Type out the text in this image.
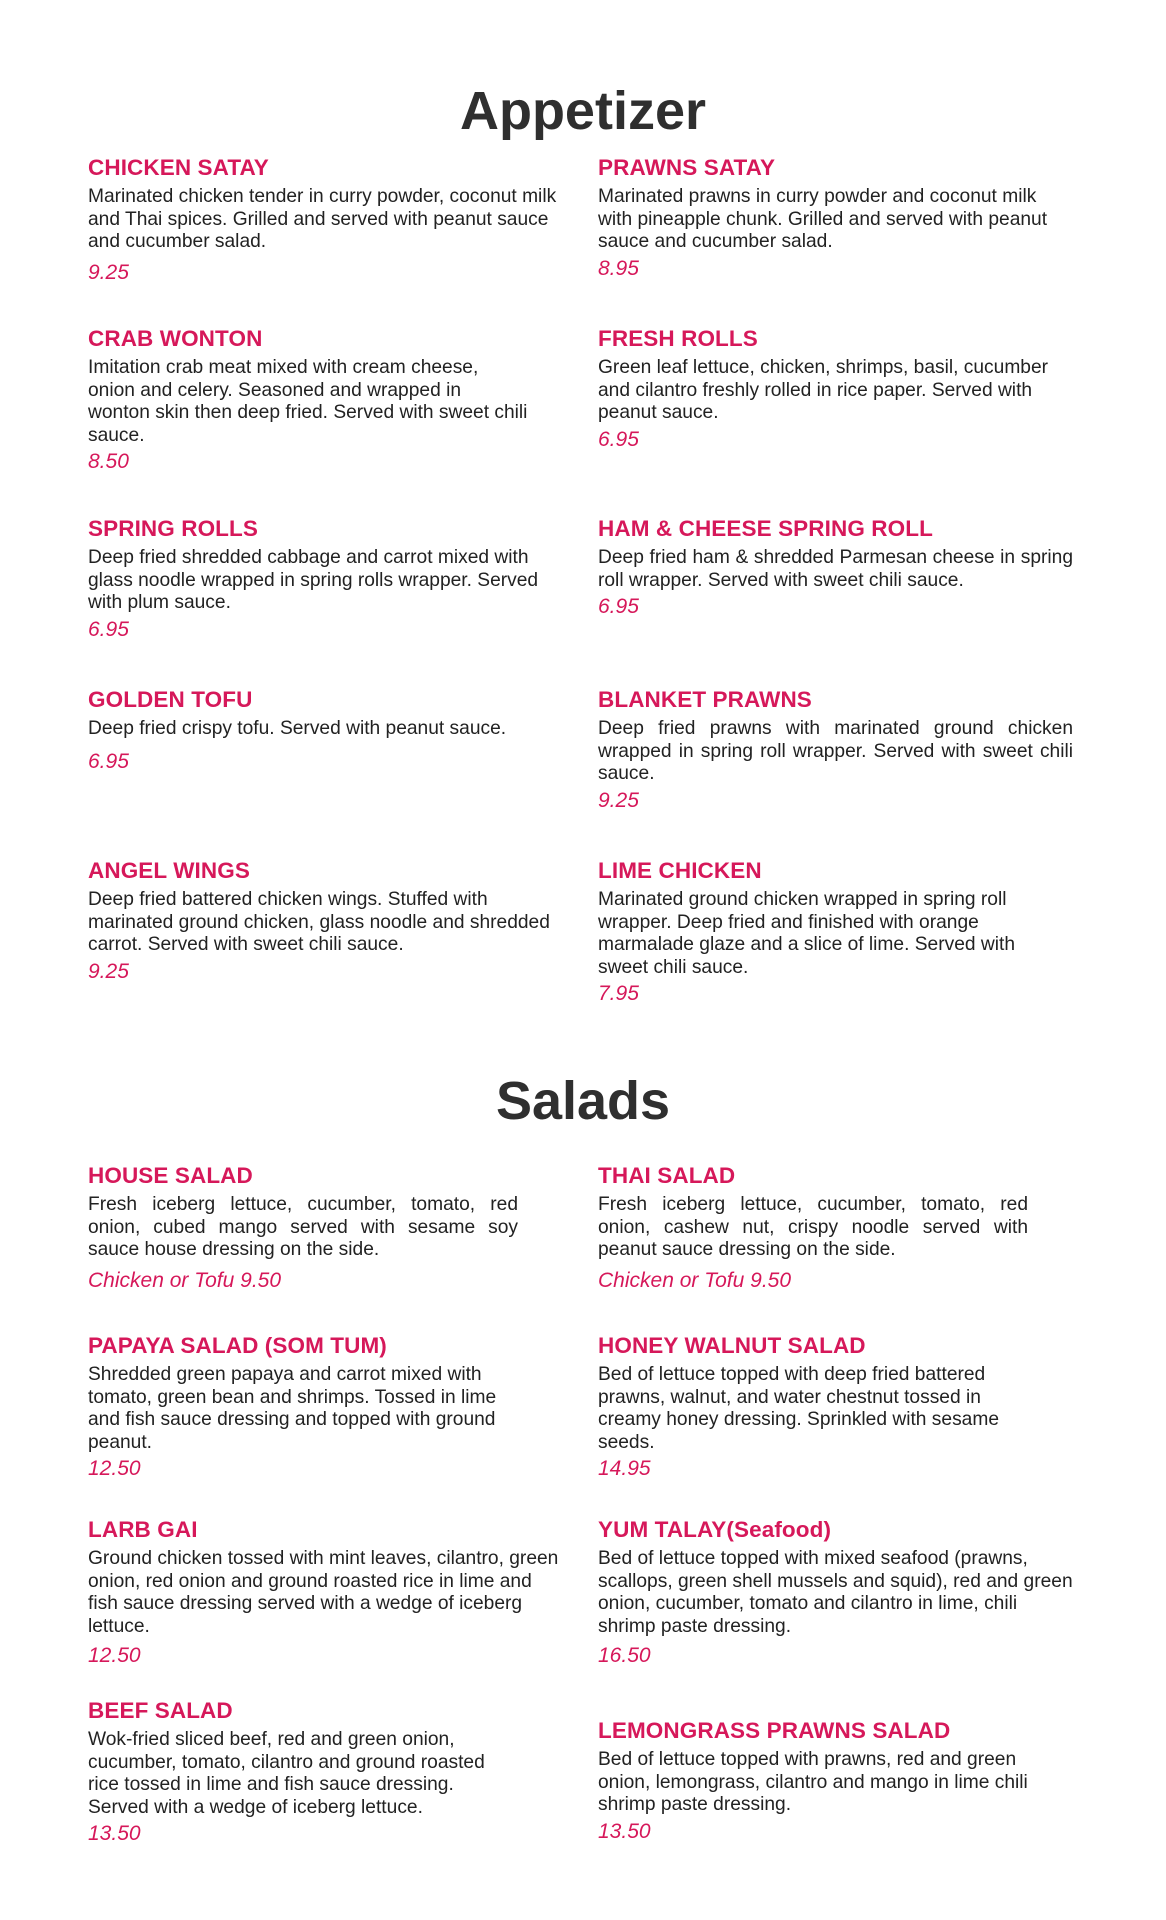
Appetizer
CHICKEN SATAY

Marinated chicken tender in curry powder, coconut milk and Thai spices. Grilled and served with peanut sauce and cucumber salad.

9.25
PRAWNS SATAY

Marinated prawns in curry powder and coconut milk with pineapple chunk. Grilled and served with peanut sauce and cucumber salad.

8.95
CRAB WONTON

Imitation crab meat mixed with cream cheese, onion and celery. Seasoned and wrapped in wonton skin then deep fried. Served with sweet chili sauce.

8.50
FRESH ROLLS

Green leaf lettuce, chicken, shrimps, basil, cucumber and cilantro freshly rolled in rice paper. Served with peanut sauce.

6.95
SPRING ROLLS

Deep fried shredded cabbage and carrot mixed with glass noodle wrapped in spring rolls wrapper. Served with plum sauce.

6.95
HAM & CHEESE SPRING ROLL

Deep fried ham & shredded Parmesan cheese in spring roll wrapper. Served with sweet chili sauce.

6.95
GOLDEN TOFU

Deep fried crispy tofu. Served with peanut sauce.

6.95
BLANKET PRAWNS

Deep fried prawns with marinated ground chicken wrapped in spring roll wrapper. Served with sweet chili sauce.

9.25
ANGEL WINGS

Deep fried battered chicken wings. Stuffed with marinated ground chicken, glass noodle and shredded carrot. Served with sweet chili sauce.

9.25
LIME CHICKEN

Marinated ground chicken wrapped in spring roll wrapper. Deep fried and finished with orange marmalade glaze and a slice of lime. Served with sweet chili sauce.

7.95
Salads
HOUSE SALAD

Fresh iceberg lettuce, cucumber, tomato, red onion, cubed mango served with sesame soy sauce house dressing on the side.

Chicken or Tofu 9.50
THAI SALAD

Fresh iceberg lettuce, cucumber, tomato, red onion, cashew nut, crispy noodle served with peanut sauce dressing on the side.

Chicken or Tofu 9.50
PAPAYA SALAD (SOM TUM)

Shredded green papaya and carrot mixed with tomato, green bean and shrimps. Tossed in lime and fish sauce dressing and topped with ground peanut.

12.50
HONEY WALNUT SALAD

Bed of lettuce topped with deep fried battered prawns, walnut, and water chestnut tossed in creamy honey dressing. Sprinkled with sesame seeds.

14.95
LARB GAI

Ground chicken tossed with mint leaves, cilantro, green onion, red onion and ground roasted rice in lime and fish sauce dressing served with a wedge of iceberg lettuce.

12.50
YUM TALAY(Seafood)

Bed of lettuce topped with mixed seafood (prawns, scallops, green shell mussels and squid), red and green onion, cucumber, tomato and cilantro in lime, chili shrimp paste dressing.

16.50
BEEF SALAD

Wok-fried sliced beef, red and green onion, cucumber, tomato, cilantro and ground roasted rice tossed in lime and fish sauce dressing. Served with a wedge of iceberg lettuce.

13.50
LEMONGRASS PRAWNS SALAD

Bed of lettuce topped with prawns, red and green onion, lemongrass, cilantro and mango in lime chili shrimp paste dressing.

13.50
